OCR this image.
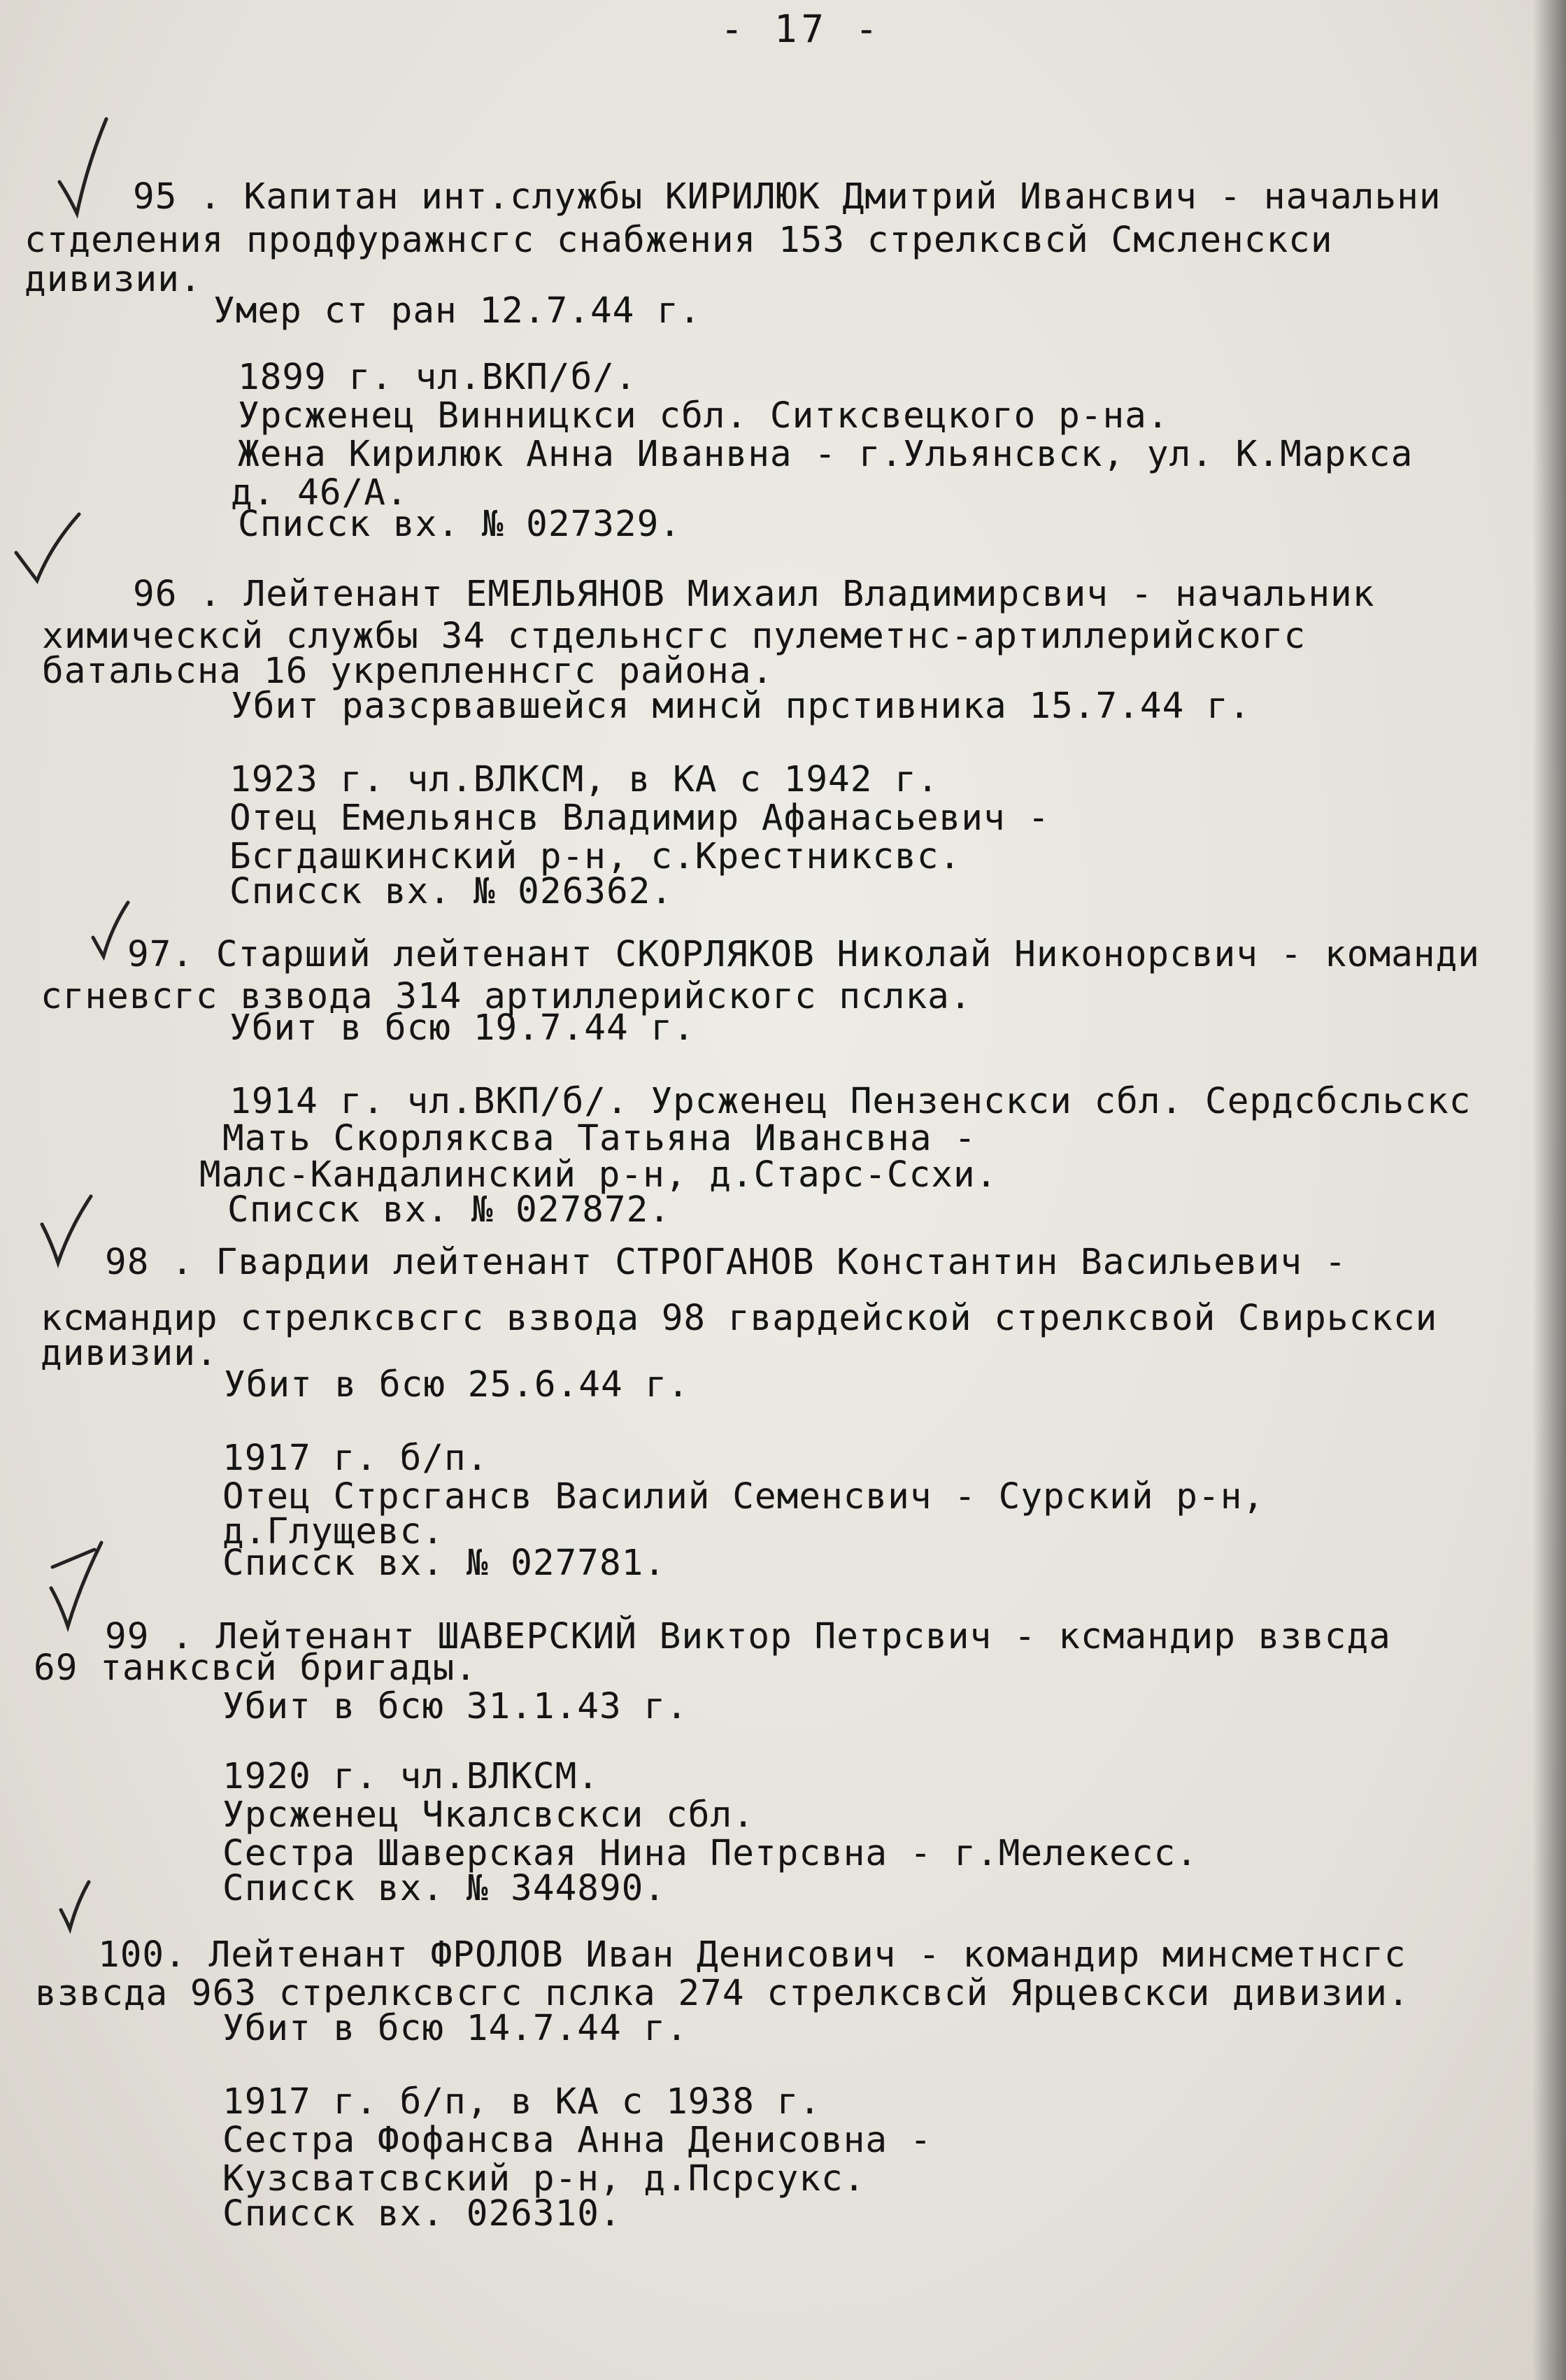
- 17 -
95 . Капитан инт.службы КИРИЛЮК Дмитрий Ивансвич - начальни
стделения продфуражнсгс снабжения 153 стрелксвсй Смсленскси
дивизии.
Умер ст ран 12.7.44 г.
1899 г. чл.ВКП/б/.
Урсженец Винницкси сбл. Ситксвецкого р-на.
Жена Кирилюк Анна Иванвна - г.Ульянсвск, ул. К.Маркса
д. 46/А.
Списск вх. № 027329.
96 . Лейтенант ЕМЕЛЬЯНОВ Михаил Владимирсвич - начальник
химическсй службы 34 стдельнсгс пулеметнс-артиллерийскогс
батальсна 16 укрепленнсгс района.
Убит разсрвавшейся минсй прстивника 15.7.44 г.
1923 г. чл.ВЛКСМ, в КА с 1942 г.
Отец Емельянсв Владимир Афанасьевич -
Бсгдашкинский р-н, с.Крестниксвс.
Списск вх. № 026362.
97. Старший лейтенант СКОРЛЯКОВ Николай Никонорсвич - команди
сгневсгс взвода 314 артиллерийскогс пслка.
Убит в бсю 19.7.44 г.
1914 г. чл.ВКП/б/. Урсженец Пензенскси сбл. Сердсбсльскс
Мать Скорляксва Татьяна Ивансвна -
Малс-Кандалинский р-н, д.Старс-Ссхи.
Списск вх. № 027872.
98 . Гвардии лейтенант СТРОГАНОВ Константин Васильевич -
ксмандир стрелксвсгс взвода 98 гвардейской стрелксвой Свирьскси
дивизии.
Убит в бсю 25.6.44 г.
1917 г. б/п.
Отец Стрсгансв Василий Семенсвич - Сурский р-н,
д.Глущевс.
Списск вх. № 027781.
99 . Лейтенант ШАВЕРСКИЙ Виктор Петрсвич - ксмандир взвсда
69 танксвсй бригады.
Убит в бсю 31.1.43 г.
1920 г. чл.ВЛКСМ.
Урсженец Чкалсвскси сбл.
Сестра Шаверская Нина Петрсвна - г.Мелекесс.
Списск вх. № 344890.
100. Лейтенант ФРОЛОВ Иван Денисович - командир минсметнсгс
взвсда 963 стрелксвсгс пслка 274 стрелксвсй Ярцевскси дивизии.
Убит в бсю 14.7.44 г.
1917 г. б/п, в КА с 1938 г.
Сестра Фофансва Анна Денисовна -
Кузсватсвский р-н, д.Псрсукс.
Списск вх. 026310.
